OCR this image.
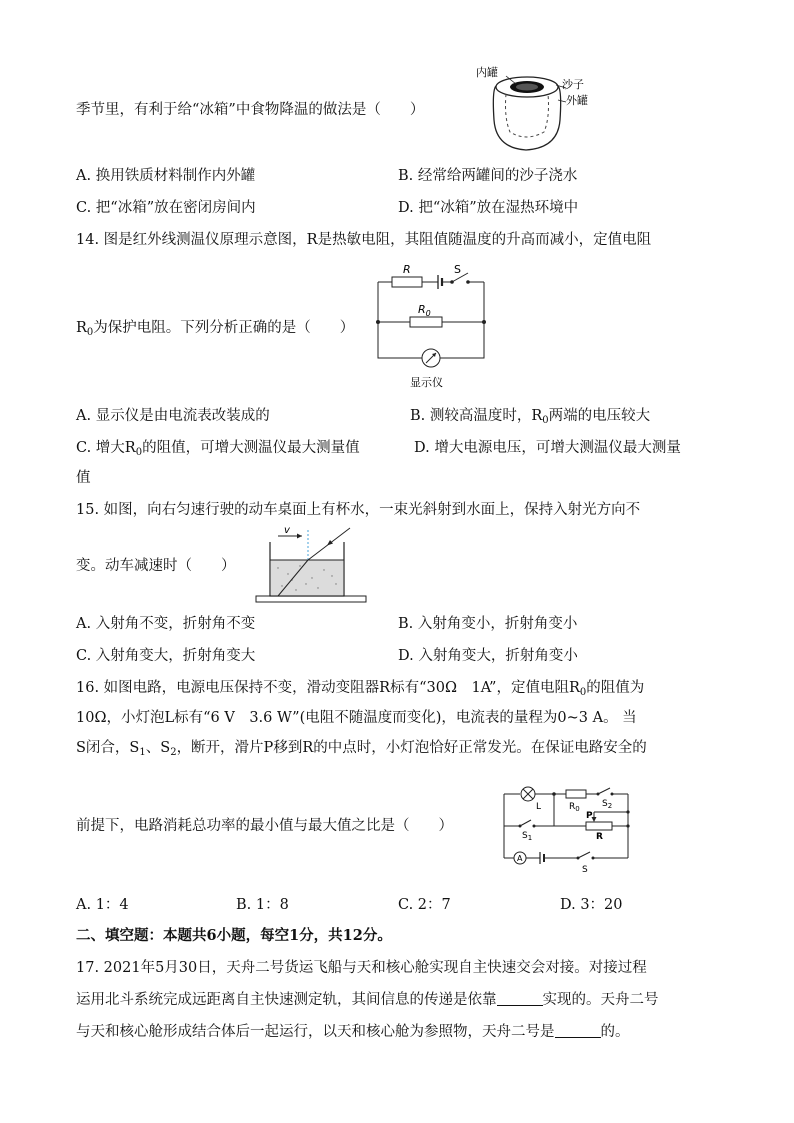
季节里，有利于给“冰箱”中食物降温的做法是（　　）
内罐
沙子
外罐
A. 换用铁质材料制作内外罐	B. 经常给两罐间的沙子浇水
C. 把“冰箱”放在密闭房间内	D. 把“冰箱”放在湿热环境中
14. 图是红外线测温仪原理示意图，R是热敏电阻，其阻值随温度的升高而减小，定值电阻
$R_0$为保护电阻。下列分析正确的是（　　）
R	S
$R_0$
显示仪
A. 显示仪是由电流表改装成的	B. 测较高温度时，$R_0$两端的电压较大
C. 增大$R_0$的阻值，可增大测温仪最大测量值	D. 增大电源电压，可增大测温仪最大测量
值
15. 如图，向右匀速行驶的动车桌面上有杯水，一束光斜射到水面上，保持入射光方向不
变。动车减速时（　　）
v
A. 入射角不变，折射角不变	B. 入射角变小，折射角变小
C. 入射角变大，折射角变大	D. 入射角变大，折射角变小
16. 如图电路，电源电压保持不变，滑动变阻器R标有“30Ω　1A”，定值电阻$R_0$的阻值为
10Ω，小灯泡L标有“6 V　3.6 W”(电阻不随温度而变化)，电流表的量程为0~3 A。 当
S闭合，$S_1$、$S_2$，断开，滑片P移到R的中点时，小灯泡恰好正常发光。在保证电路安全的
前提下，电路消耗总功率的最小值与最大值之比是（　　）
L	$R_0$ $S_2$
P
R
$S_1$
A
S
A. 1：4	B. 1：8	C. 2：7	D. 3：20
二、填空题：本题共6小题，每空1分，共12分。
17. 2021年5月30日，天舟二号货运飞船与天和核心舱实现自主快速交会对接。对接过程
运用北斗系统完成远距离自主快速测定轨，其间信息的传递是依靠	实现的。天舟二号
与天和核心舱形成结合体后一起运行，以天和核心舱为参照物，天舟二号是	的。
